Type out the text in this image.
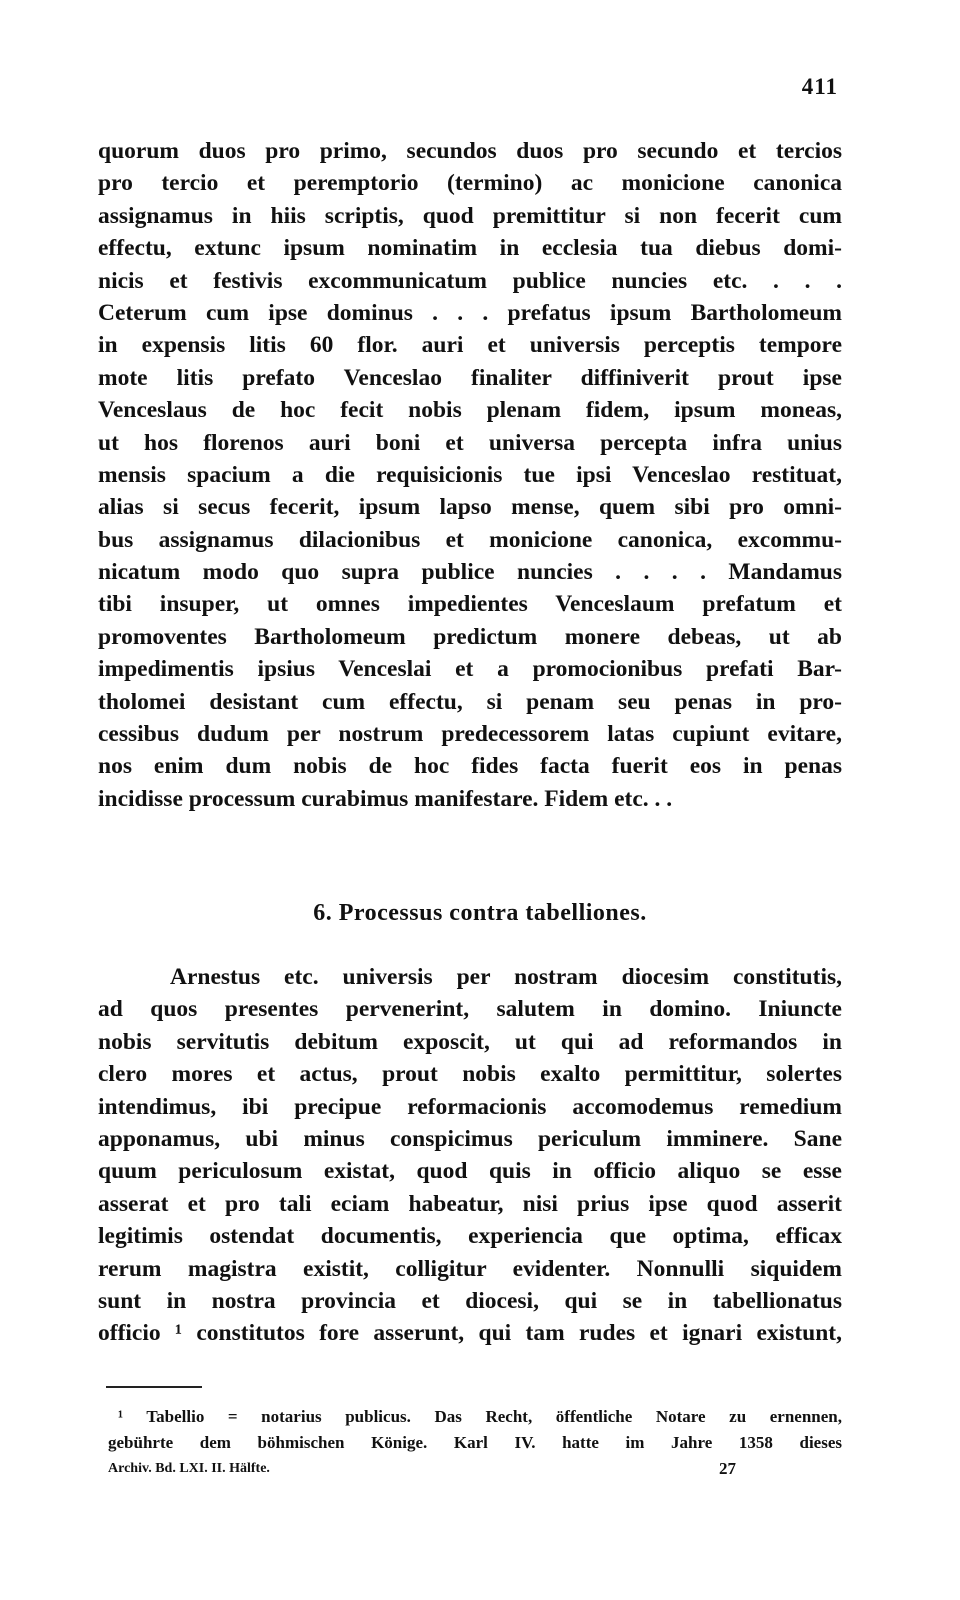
411
quorum duos pro primo, secundos duos pro secundo et tercios
pro tercio et peremptorio (termino) ac monicione canonica
assignamus in hiis scriptis, quod premittitur si non fecerit cum
effectu, extunc ipsum nominatim in ecclesia tua diebus domi-
nicis et festivis excommunicatum publice nuncies etc. . . .
Ceterum cum ipse dominus . . . prefatus ipsum Bartholomeum
in expensis litis 60 flor. auri et universis perceptis tempore
mote litis prefato Venceslao finaliter diffiniverit prout ipse
Venceslaus de hoc fecit nobis plenam fidem, ipsum moneas,
ut hos florenos auri boni et universa percepta infra unius
mensis spacium a die requisicionis tue ipsi Venceslao restituat,
alias si secus fecerit, ipsum lapso mense, quem sibi pro omni-
bus assignamus dilacionibus et monicione canonica, excommu-
nicatum modo quo supra publice nuncies . . . . Mandamus
tibi insuper, ut omnes impedientes Venceslaum prefatum et
promoventes Bartholomeum predictum monere debeas, ut ab
impedimentis ipsius Venceslai et a promocionibus prefati Bar-
tholomei desistant cum effectu, si penam seu penas in pro-
cessibus dudum per nostrum predecessorem latas cupiunt evitare,
nos enim dum nobis de hoc fides facta fuerit eos in penas
incidisse processum curabimus manifestare. Fidem etc. . .
6. Processus contra tabelliones.
Arnestus etc. universis per nostram diocesim constitutis,
ad quos presentes pervenerint, salutem in domino. Iniuncte
nobis servitutis debitum exposcit, ut qui ad reformandos in
clero mores et actus, prout nobis exalto permittitur, solertes
intendimus, ibi precipue reformacionis accomodemus remedium
apponamus, ubi minus conspicimus periculum imminere. Sane
quum periculosum existat, quod quis in officio aliquo se esse
asserat et pro tali eciam habeatur, nisi prius ipse quod asserit
legitimis ostendat documentis, experiencia que optima, efficax
rerum magistra existit, colligitur evidenter. Nonnulli siquidem
sunt in nostra provincia et diocesi, qui se in tabellionatus
officio ¹ constitutos fore asserunt, qui tam rudes et ignari existunt,
¹ Tabellio = notarius publicus. Das Recht, öffentliche Notare zu ernennen,
gebührte dem böhmischen Könige. Karl IV. hatte im Jahre 1358 dieses
Archiv. Bd. LXI. II. Hälfte.	27
